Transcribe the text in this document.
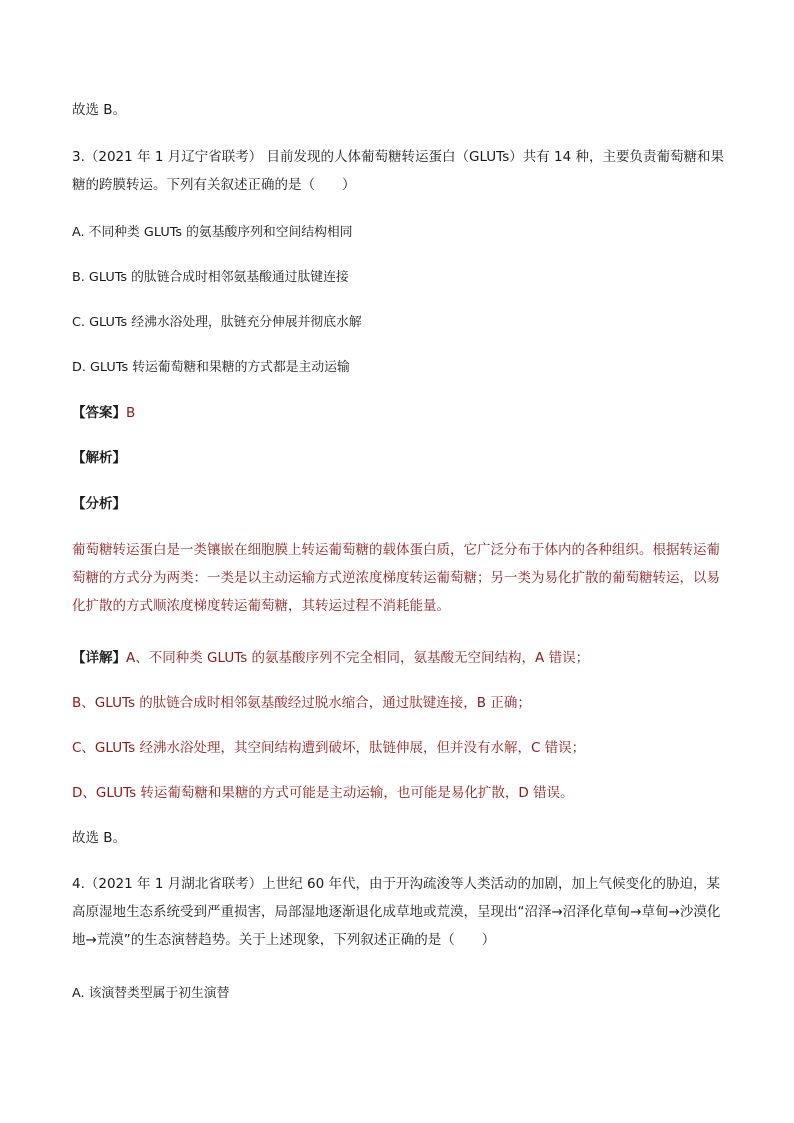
故选 B。
3.（2021 年 1 月辽宁省联考） 目前发现的人体葡萄糖转运蛋白（GLUTs）共有 14 种，主要负责葡萄糖和果糖的跨膜转运。下列有关叙述正确的是（　　）
A. 不同种类 GLUTs 的氨基酸序列和空间结构相同
B. GLUTs 的肽链合成时相邻氨基酸通过肽键连接
C. GLUTs 经沸水浴处理，肽链充分伸展并彻底水解
D. GLUTs 转运葡萄糖和果糖的方式都是主动运输
【答案】B
【解析】
【分析】
葡萄糖转运蛋白是一类镶嵌在细胞膜上转运葡萄糖的载体蛋白质，它广泛分布于体内的各种组织。根据转运葡萄糖的方式分为两类：一类是以主动运输方式逆浓度梯度转运葡萄糖；另一类为易化扩散的葡萄糖转运，以易化扩散的方式顺浓度梯度转运葡萄糖，其转运过程不消耗能量。
【详解】A、不同种类 GLUTs 的氨基酸序列不完全相同，氨基酸无空间结构，A 错误；
B、GLUTs 的肽链合成时相邻氨基酸经过脱水缩合，通过肽键连接，B 正确；
C、GLUTs 经沸水浴处理，其空间结构遭到破坏，肽链伸展，但并没有水解，C 错误；
D、GLUTs 转运葡萄糖和果糖的方式可能是主动运输，也可能是易化扩散，D 错误。
故选 B。
4.（2021 年 1 月湖北省联考）上世纪 60 年代，由于开沟疏浚等人类活动的加剧，加上气候变化的胁迫，某高原湿地生态系统受到严重损害，局部湿地逐渐退化成草地或荒漠，呈现出“沼泽→沼泽化草甸→草甸→沙漠化地→荒漠”的生态演替趋势。关于上述现象，下列叙述正确的是（　　）
A. 该演替类型属于初生演替
